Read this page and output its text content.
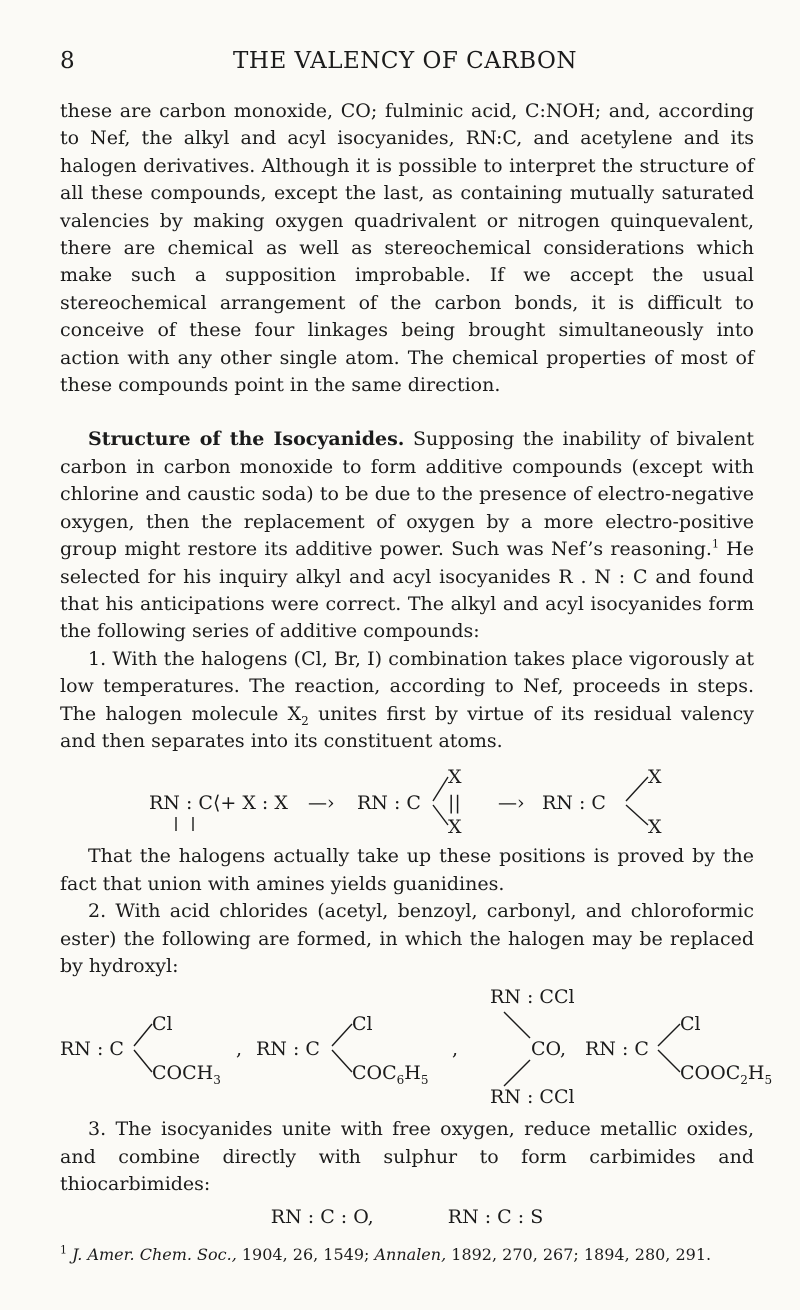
8	THE VALENCY OF CARBON

these are carbon monoxide, CO; fulminic acid, C:NOH; and, according to Nef, the alkyl and acyl isocyanides, RN:C, and acetylene and its halogen derivatives. Although it is possible to interpret the structure of all these compounds, except the last, as containing mutually saturated valencies by making oxygen quadrivalent or nitrogen quinquevalent, there are chemical as well as stereochemical considerations which make such a supposition improbable. If we accept the usual stereochemical arrangement of the carbon bonds, it is difficult to conceive of these four linkages being brought simultaneously into action with any other single atom. The chemical properties of most of these compounds point in the same direction.

Structure of the Isocyanides. Supposing the inability of bivalent carbon in carbon monoxide to form additive compounds (except with chlorine and caustic soda) to be due to the presence of electro-negative oxygen, then the replacement of oxygen by a more electro-positive group might restore its additive power. Such was Nef’s reasoning.$^1$ He selected for his inquiry alkyl and acyl isocyanides R . N : C and found that his anticipations were correct. The alkyl and acyl isocyanides form the following series of additive compounds:

1. With the halogens (Cl, Br, I) combination takes place vigorously at low temperatures. The reaction, according to Nef, proceeds in steps. The halogen molecule $X_2$ unites first by virtue of its residual valency and then separates into its constituent atoms.

RN : C⟨+ X : X —› RN : C
X
||
X
—› RN : C
X
X

That the halogens actually take up these positions is proved by the fact that union with amines yields guanidines.

2. With acid chlorides (acetyl, benzoyl, carbonyl, and chloroformic ester) the following are formed, in which the halogen may be replaced by hydroxyl:

RN : C
Cl
$COCH_3$
, RN : C
Cl
$COC_6H_5$
,
RN : CCl
CO,
RN : CCl
RN : C
Cl
$COOC_2H_5$

3. The isocyanides unite with free oxygen, reduce metallic oxides, and combine directly with sulphur to form carbimides and thiocarbimides:

RN : C : O,	RN : C : S
$^1$ J. Amer. Chem. Soc., 1904, 26, 1549; Annalen, 1892, 270, 267; 1894, 280, 291.
